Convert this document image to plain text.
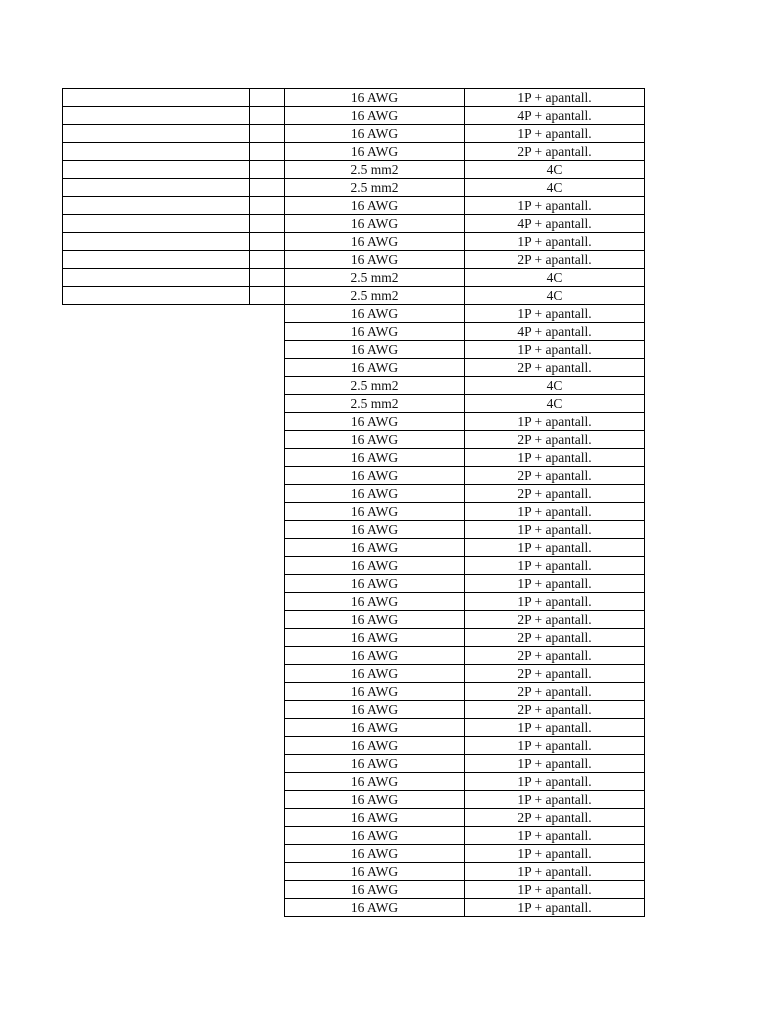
		16 AWG	1P + apantall.
		16 AWG	4P + apantall.
		16 AWG	1P + apantall.
		16 AWG	2P + apantall.
		2.5 mm2	4C
		2.5 mm2	4C
		16 AWG	1P + apantall.
		16 AWG	4P + apantall.
		16 AWG	1P + apantall.
		16 AWG	2P + apantall.
		2.5 mm2	4C
		2.5 mm2	4C
		16 AWG	1P + apantall.
		16 AWG	4P + apantall.
		16 AWG	1P + apantall.
		16 AWG	2P + apantall.
		2.5 mm2	4C
		2.5 mm2	4C
		16 AWG	1P + apantall.
		16 AWG	2P + apantall.
		16 AWG	1P + apantall.
		16 AWG	2P + apantall.
		16 AWG	2P + apantall.
		16 AWG	1P + apantall.
		16 AWG	1P + apantall.
		16 AWG	1P + apantall.
		16 AWG	1P + apantall.
		16 AWG	1P + apantall.
		16 AWG	1P + apantall.
		16 AWG	2P + apantall.
		16 AWG	2P + apantall.
		16 AWG	2P + apantall.
		16 AWG	2P + apantall.
		16 AWG	2P + apantall.
		16 AWG	2P + apantall.
		16 AWG	1P + apantall.
		16 AWG	1P + apantall.
		16 AWG	1P + apantall.
		16 AWG	1P + apantall.
		16 AWG	1P + apantall.
		16 AWG	2P + apantall.
		16 AWG	1P + apantall.
		16 AWG	1P + apantall.
		16 AWG	1P + apantall.
		16 AWG	1P + apantall.
		16 AWG	1P + apantall.
